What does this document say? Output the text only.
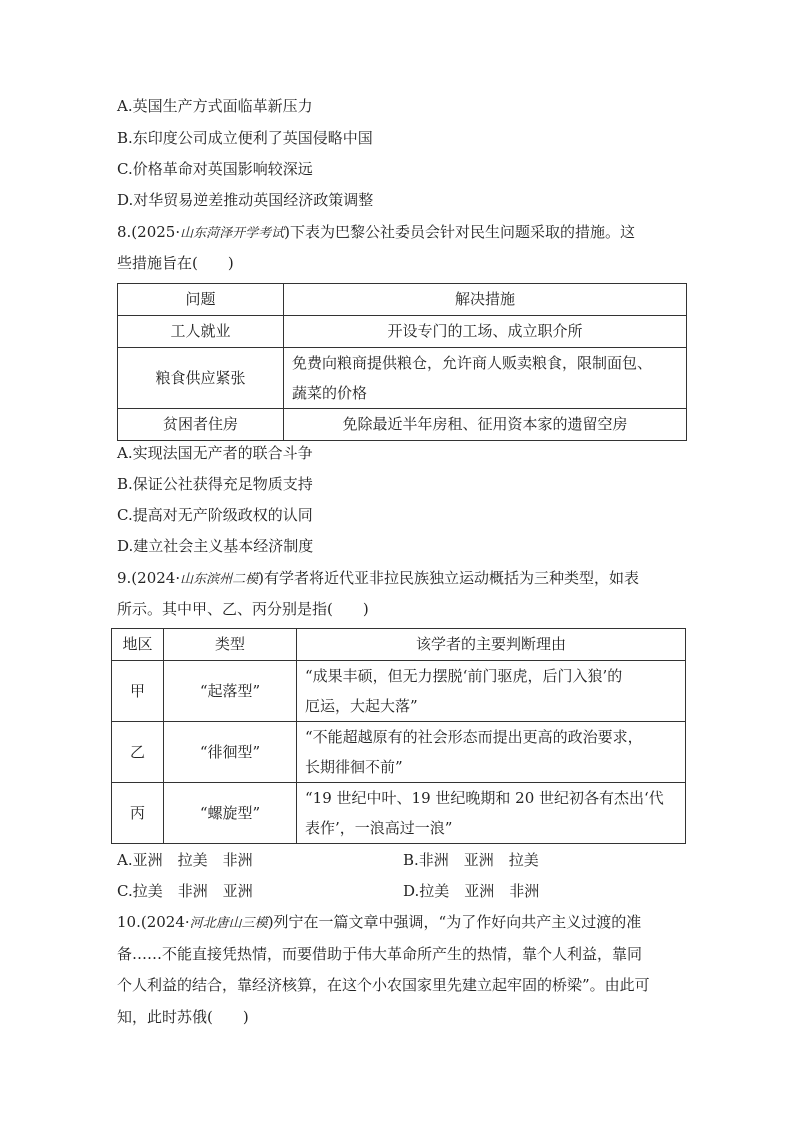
A.英国生产方式面临革新压力
B.东印度公司成立便利了英国侵略中国
C.价格革命对英国影响较深远
D.对华贸易逆差推动英国经济政策调整
8.(2025·山东菏泽开学考试)下表为巴黎公社委员会针对民生问题采取的措施。这
些措施旨在(　　)
问题	解决措施
工人就业	开设专门的工场、成立职介所
粮食供应紧张	免费向粮商提供粮仓，允许商人贩卖粮食，限制面包、
蔬菜的价格

贫困者住房	免除最近半年房租、征用资本家的遗留空房
A.实现法国无产者的联合斗争
B.保证公社获得充足物质支持
C.提高对无产阶级政权的认同
D.建立社会主义基本经济制度
9.(2024·山东滨州二模)有学者将近代亚非拉民族独立运动概括为三种类型，如表
所示。其中甲、乙、丙分别是指(　　)
地区	类型	该学者的主要判断理由
甲	“起落型”	“成果丰硕，但无力摆脱‘前门驱虎，后门入狼’的
厄运，大起大落”

乙	“徘徊型”	“不能超越原有的社会形态而提出更高的政治要求，
长期徘徊不前”

丙	“螺旋型”	“19 世纪中叶、19 世纪晚期和 20 世纪初各有杰出‘代
表作’，一浪高过一浪”
A.亚洲　拉美　非洲	B.非洲　亚洲　拉美
C.拉美　非洲　亚洲	D.拉美　亚洲　非洲
10.(2024·河北唐山三模)列宁在一篇文章中强调，“为了作好向共产主义过渡的准
备……不能直接凭热情，而要借助于伟大革命所产生的热情，靠个人利益，靠同
个人利益的结合，靠经济核算，在这个小农国家里先建立起牢固的桥梁”。由此可
知，此时苏俄(　　)
